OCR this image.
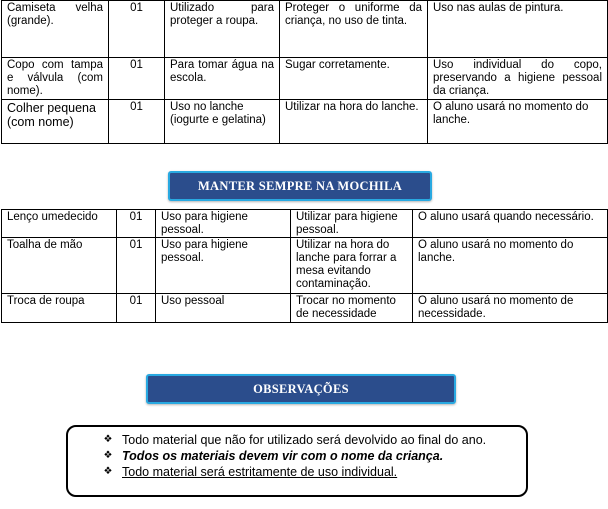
Camiseta velha (grande).	01	Utilizado para proteger a roupa.	Proteger o uniforme da criança, no uso de tinta.	Uso nas aulas de pintura.
Copo com tampa e válvula (com nome).	01	Para tomar água na escola.	Sugar corretamente.	Uso individual do copo, preservando a higiene pessoal da criança.
Colher pequena (com nome)	01	Uso no lanche (iogurte e gelatina)	Utilizar na hora do lanche.	O aluno usará no momento do lanche.
MANTER SEMPRE NA MOCHILA
Lenço umedecido	01	Uso para higiene pessoal.	Utilizar para higiene pessoal.	O aluno usará quando necessário.
Toalha de mão	01	Uso para higiene pessoal.	Utilizar na hora do lanche para forrar a mesa evitando contaminação.	O aluno usará no momento do lanche.
Troca de roupa	01	Uso pessoal	Trocar no momento de necessidade	O aluno usará no momento de necessidade.
OBSERVAÇÕES
❖ Todo material que não for utilizado será devolvido ao final do ano.
❖ Todos os materiais devem vir com o nome da criança.
❖ Todo material será estritamente de uso individual.
